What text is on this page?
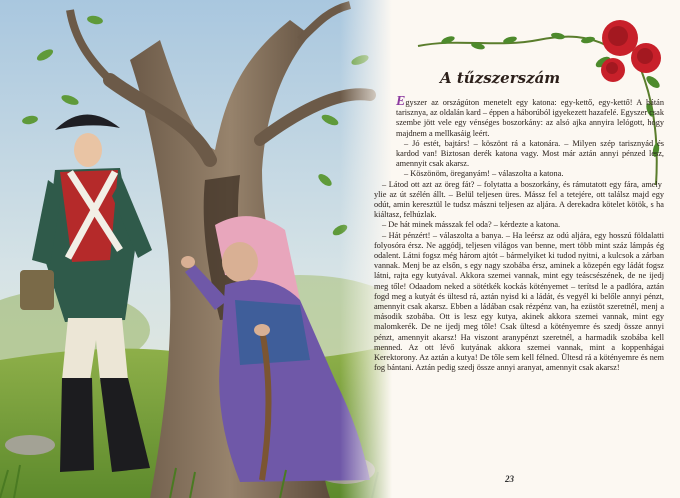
A tűzszerszám

Egyszer az országúton menetelt egy katona: egy-kettő, egy-kettő! A hátán tarisznya, az oldalán kard – éppen a háborúból igyekezett hazafelé. Egyszer csak szembe jött vele egy vénséges boszorkány: az alsó ajka annyira lelógott, hogy majdnem a mellkasáig leért.

– Jó estét, bajtárs! – köszönt rá a katonára. – Milyen szép tarisznyád és kardod van! Biztosan derék katona vagy. Most már aztán annyi pénzed lesz, amennyit csak akarsz.

– Köszönöm, öreganyám! – válaszolta a katona.

– Látod ott azt az öreg fát? – folytatta a boszorkány, és rámutatott egy fára, amely ​ylie az út szélén állt. – Belül teljesen üres. Mássz fel a tetejére, ott találsz majd egy odút, amin keresztül le tudsz mászni teljesen az aljára. A derekadra kötelet kötök, s ha kiáltasz, felhúzlak.

– De hát minek másszak fel oda? – kérdezte a katona.

– Hát pénzért! – válaszolta a banya. – Ha leérsz az odú aljára, egy hosszú földalatti folyosóra érsz. Ne aggódj, teljesen világos van benne, mert több mint száz lámpás ég odalent. Látni fogsz még három ajtót – bármelyiket ki tudod nyitni, a kulcsok a zárban vannak. Menj be az elsőn, s egy nagy szobába érsz, aminek a közepén egy ládát fogsz látni, rajta egy kutyával. Akkora szemei vannak, mint egy teáscsészének, de ne ijedj meg tőle! Odaadom neked a sötétkék kockás kötényemet – terítsd le a padlóra, aztán fogd meg a kutyát és ültesd rá, aztán nyisd ki a ládát, és vegyél ki belőle annyi pénzt, amennyit csak akarsz. Ebben a ládában csak rézpénz van, ha ezüstöt szeretnél, menj a második szobába. Ott is lesz egy kutya, akinek akkora szemei vannak, mint egy malomkerék. De ne ijedj meg tőle! Csak ültesd a kötényemre és szedj össze annyi pénzt, amennyit akarsz! Ha viszont aranypénzt szeretnél, a harmadik szobába kell menned. Az ott lévő kutyának akkora szemei vannak, mint a koppenhágai Kerektorony. Az aztán a kutya! De tőle sem kell félned. Ültesd rá a kötényemre és nem fog bántani. Aztán pedig szedj össze annyi aranyat, amennyit csak akarsz!

23
